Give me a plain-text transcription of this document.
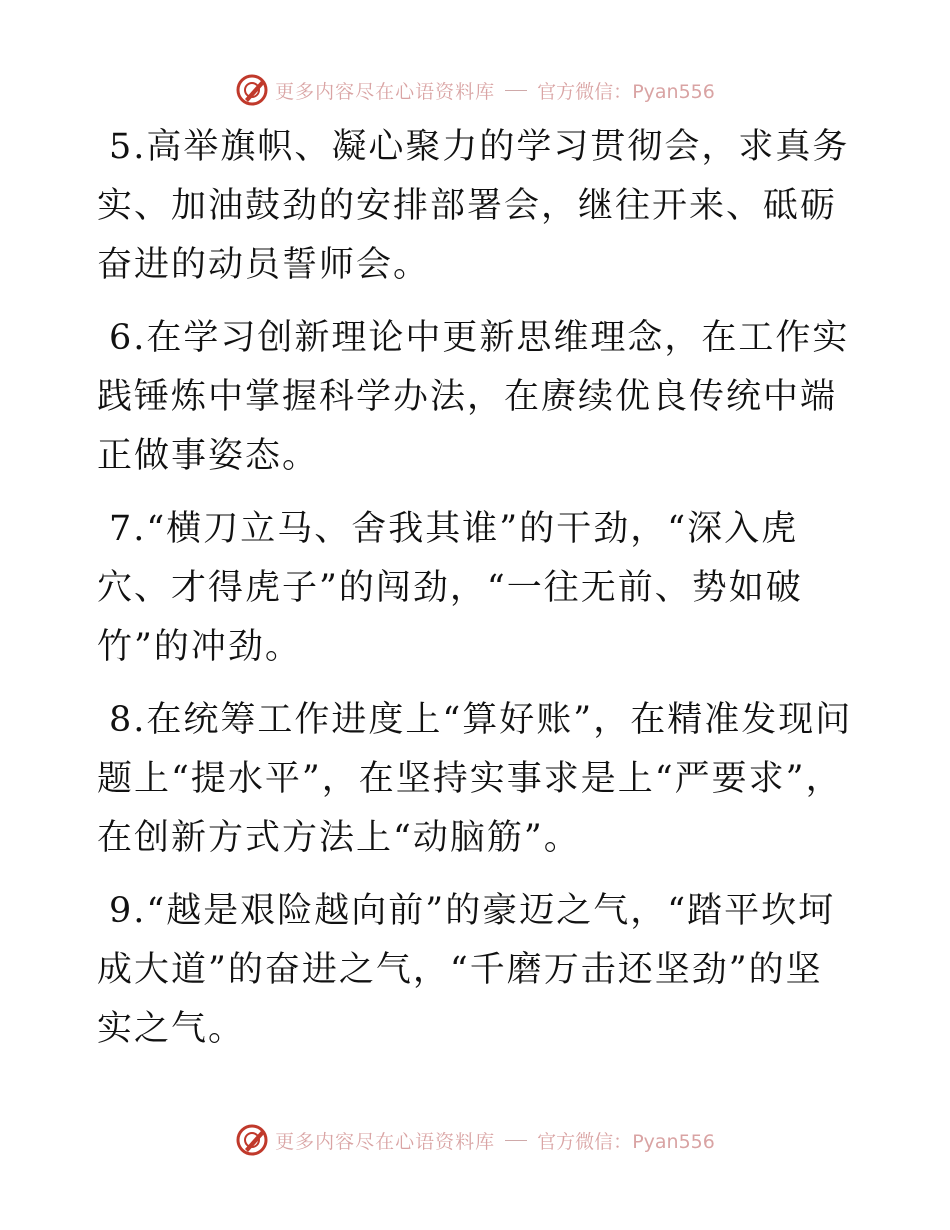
更多内容尽在心语资料库 官方微信：Pyan556

5.高举旗帜、凝心聚力的学习贯彻会，求真务实、加油鼓劲的安排部署会，继往开来、砥砺奋进的动员誓师会。

6.在学习创新理论中更新思维理念，在工作实践锤炼中掌握科学办法，在赓续优良传统中端正做事姿态。

7.“横刀立马、舍我其谁”的干劲，“深入虎穴、才得虎子”的闯劲，“一往无前、势如破竹”的冲劲。

8.在统筹工作进度上“算好账”，在精准发现问题上“提水平”，在坚持实事求是上“严要求”，在创新方式方法上“动脑筋”。

9.“越是艰险越向前”的豪迈之气，“踏平坎坷成大道”的奋进之气，“千磨万击还坚劲”的坚实之气。

更多内容尽在心语资料库 官方微信：Pyan556
